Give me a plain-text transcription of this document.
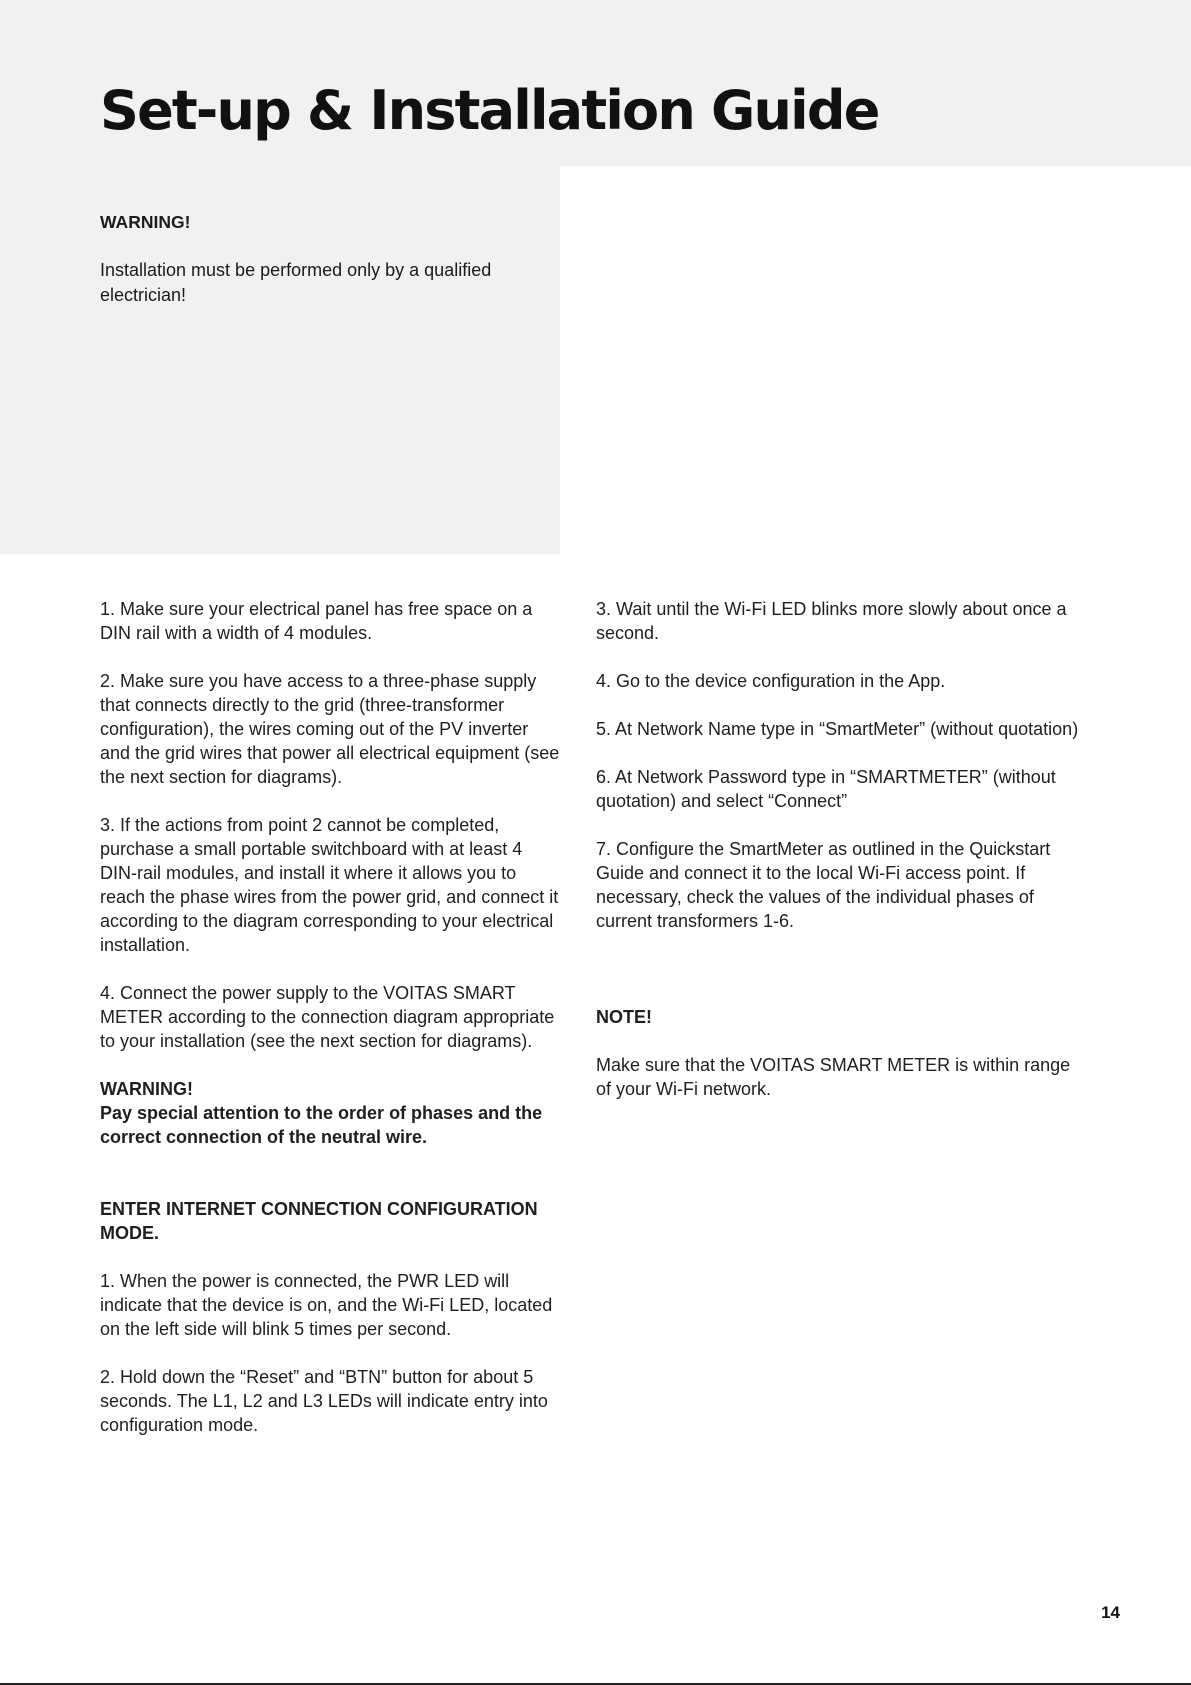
Set-up & Installation Guide

WARNING!

Installation must be performed only by a qualified electrician!

1. Make sure your electrical panel has free space on a DIN rail with a width of 4 modules.

2. Make sure you have access to a three-phase supply that connects directly to the grid (three-transformer configuration), the wires coming out of the PV inverter and the grid wires that power all electrical equipment (see the next section for diagrams).

3. If the actions from point 2 cannot be completed, purchase a small portable switchboard with at least 4 DIN-rail modules, and install it where it allows you to reach the phase wires from the power grid, and connect it according to the diagram corresponding to your electrical installation.

4. Connect the power supply to the VOITAS SMART METER according to the connection diagram appropriate to your installation (see the next section for diagrams).

WARNING!
Pay special attention to the order of phases and the correct connection of the neutral wire.

ENTER INTERNET CONNECTION CONFIGURATION MODE.

1. When the power is connected, the PWR LED will indicate that the device is on, and the Wi-Fi LED, located on the left side will blink 5 times per second.

2. Hold down the “Reset” and “BTN” button for about 5 seconds. The L1, L2 and L3 LEDs will indicate entry into configuration mode.

3. Wait until the Wi-Fi LED blinks more slowly about once a second.

4. Go to the device configuration in the App.

5. At Network Name type in “SmartMeter” (without quotation)

6. At Network Password type in “SMARTMETER” (without quotation) and select “Connect”

7. Configure the SmartMeter as outlined in the Quickstart Guide and connect it to the local Wi-Fi access point. If necessary, check the values of the individual phases of current transformers 1-6.

NOTE!

Make sure that the VOITAS SMART METER is within range of your Wi-Fi network.

14
